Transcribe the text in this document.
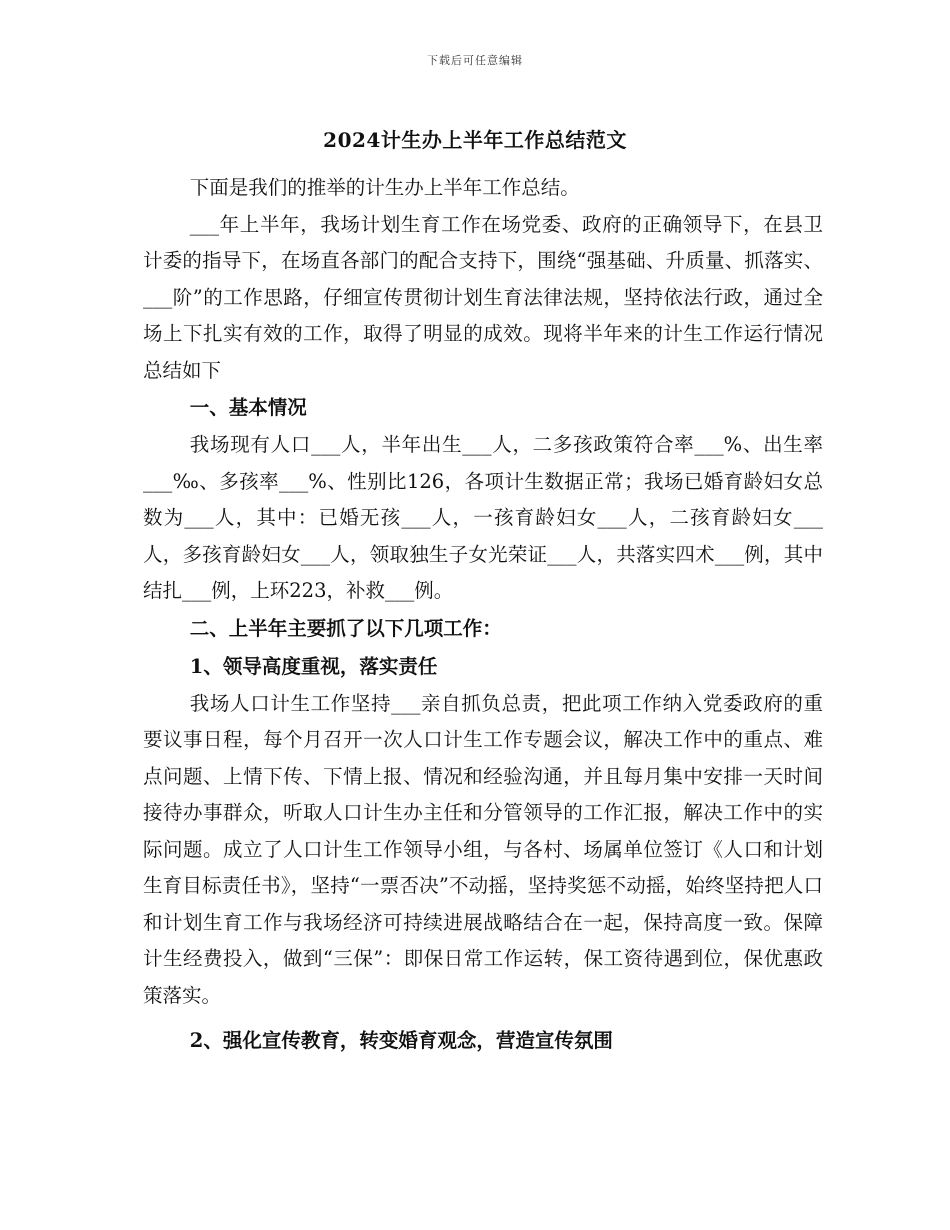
下载后可任意编辑
2024计生办上半年工作总结范文

下面是我们的推举的计生办上半年工作总结。

___年上半年，我场计划生育工作在场党委、政府的正确领导下，在县卫计委的指导下，在场直各部门的配合支持下，围绕“强基础、升质量、抓落实、___阶”的工作思路，仔细宣传贯彻计划生育法律法规，坚持依法行政，通过全场上下扎实有效的工作，取得了明显的成效。现将半年来的计生工作运行情况总结如下

一、基本情况

我场现有人口___人，半年出生___人，二多孩政策符合率___%、出生率___‰、多孩率___%、性别比126，各项计生数据正常；我场已婚育龄妇女总数为___人，其中：已婚无孩___人，一孩育龄妇女___人，二孩育龄妇女___人，多孩育龄妇女___人，领取独生子女光荣证___人，共落实四术___例，其中结扎___例，上环223，补救___例。

二、上半年主要抓了以下几项工作：
1、领导高度重视，落实责任

我场人口计生工作坚持___亲自抓负总责，把此项工作纳入党委政府的重要议事日程，每个月召开一次人口计生工作专题会议，解决工作中的重点、难点问题、上情下传、下情上报、情况和经验沟通，并且每月集中安排一天时间接待办事群众，听取人口计生办主任和分管领导的工作汇报，解决工作中的实际问题。成立了人口计生工作领导小组，与各村、场属单位签订《人口和计划生育目标责任书》，坚持“一票否决”不动摇，坚持奖惩不动摇，始终坚持把人口和计划生育工作与我场经济可持续进展战略结合在一起，保持高度一致。保障计生经费投入，做到“三保”：即保日常工作运转，保工资待遇到位，保优惠政策落实。

2、强化宣传教育，转变婚育观念，营造宣传氛围
